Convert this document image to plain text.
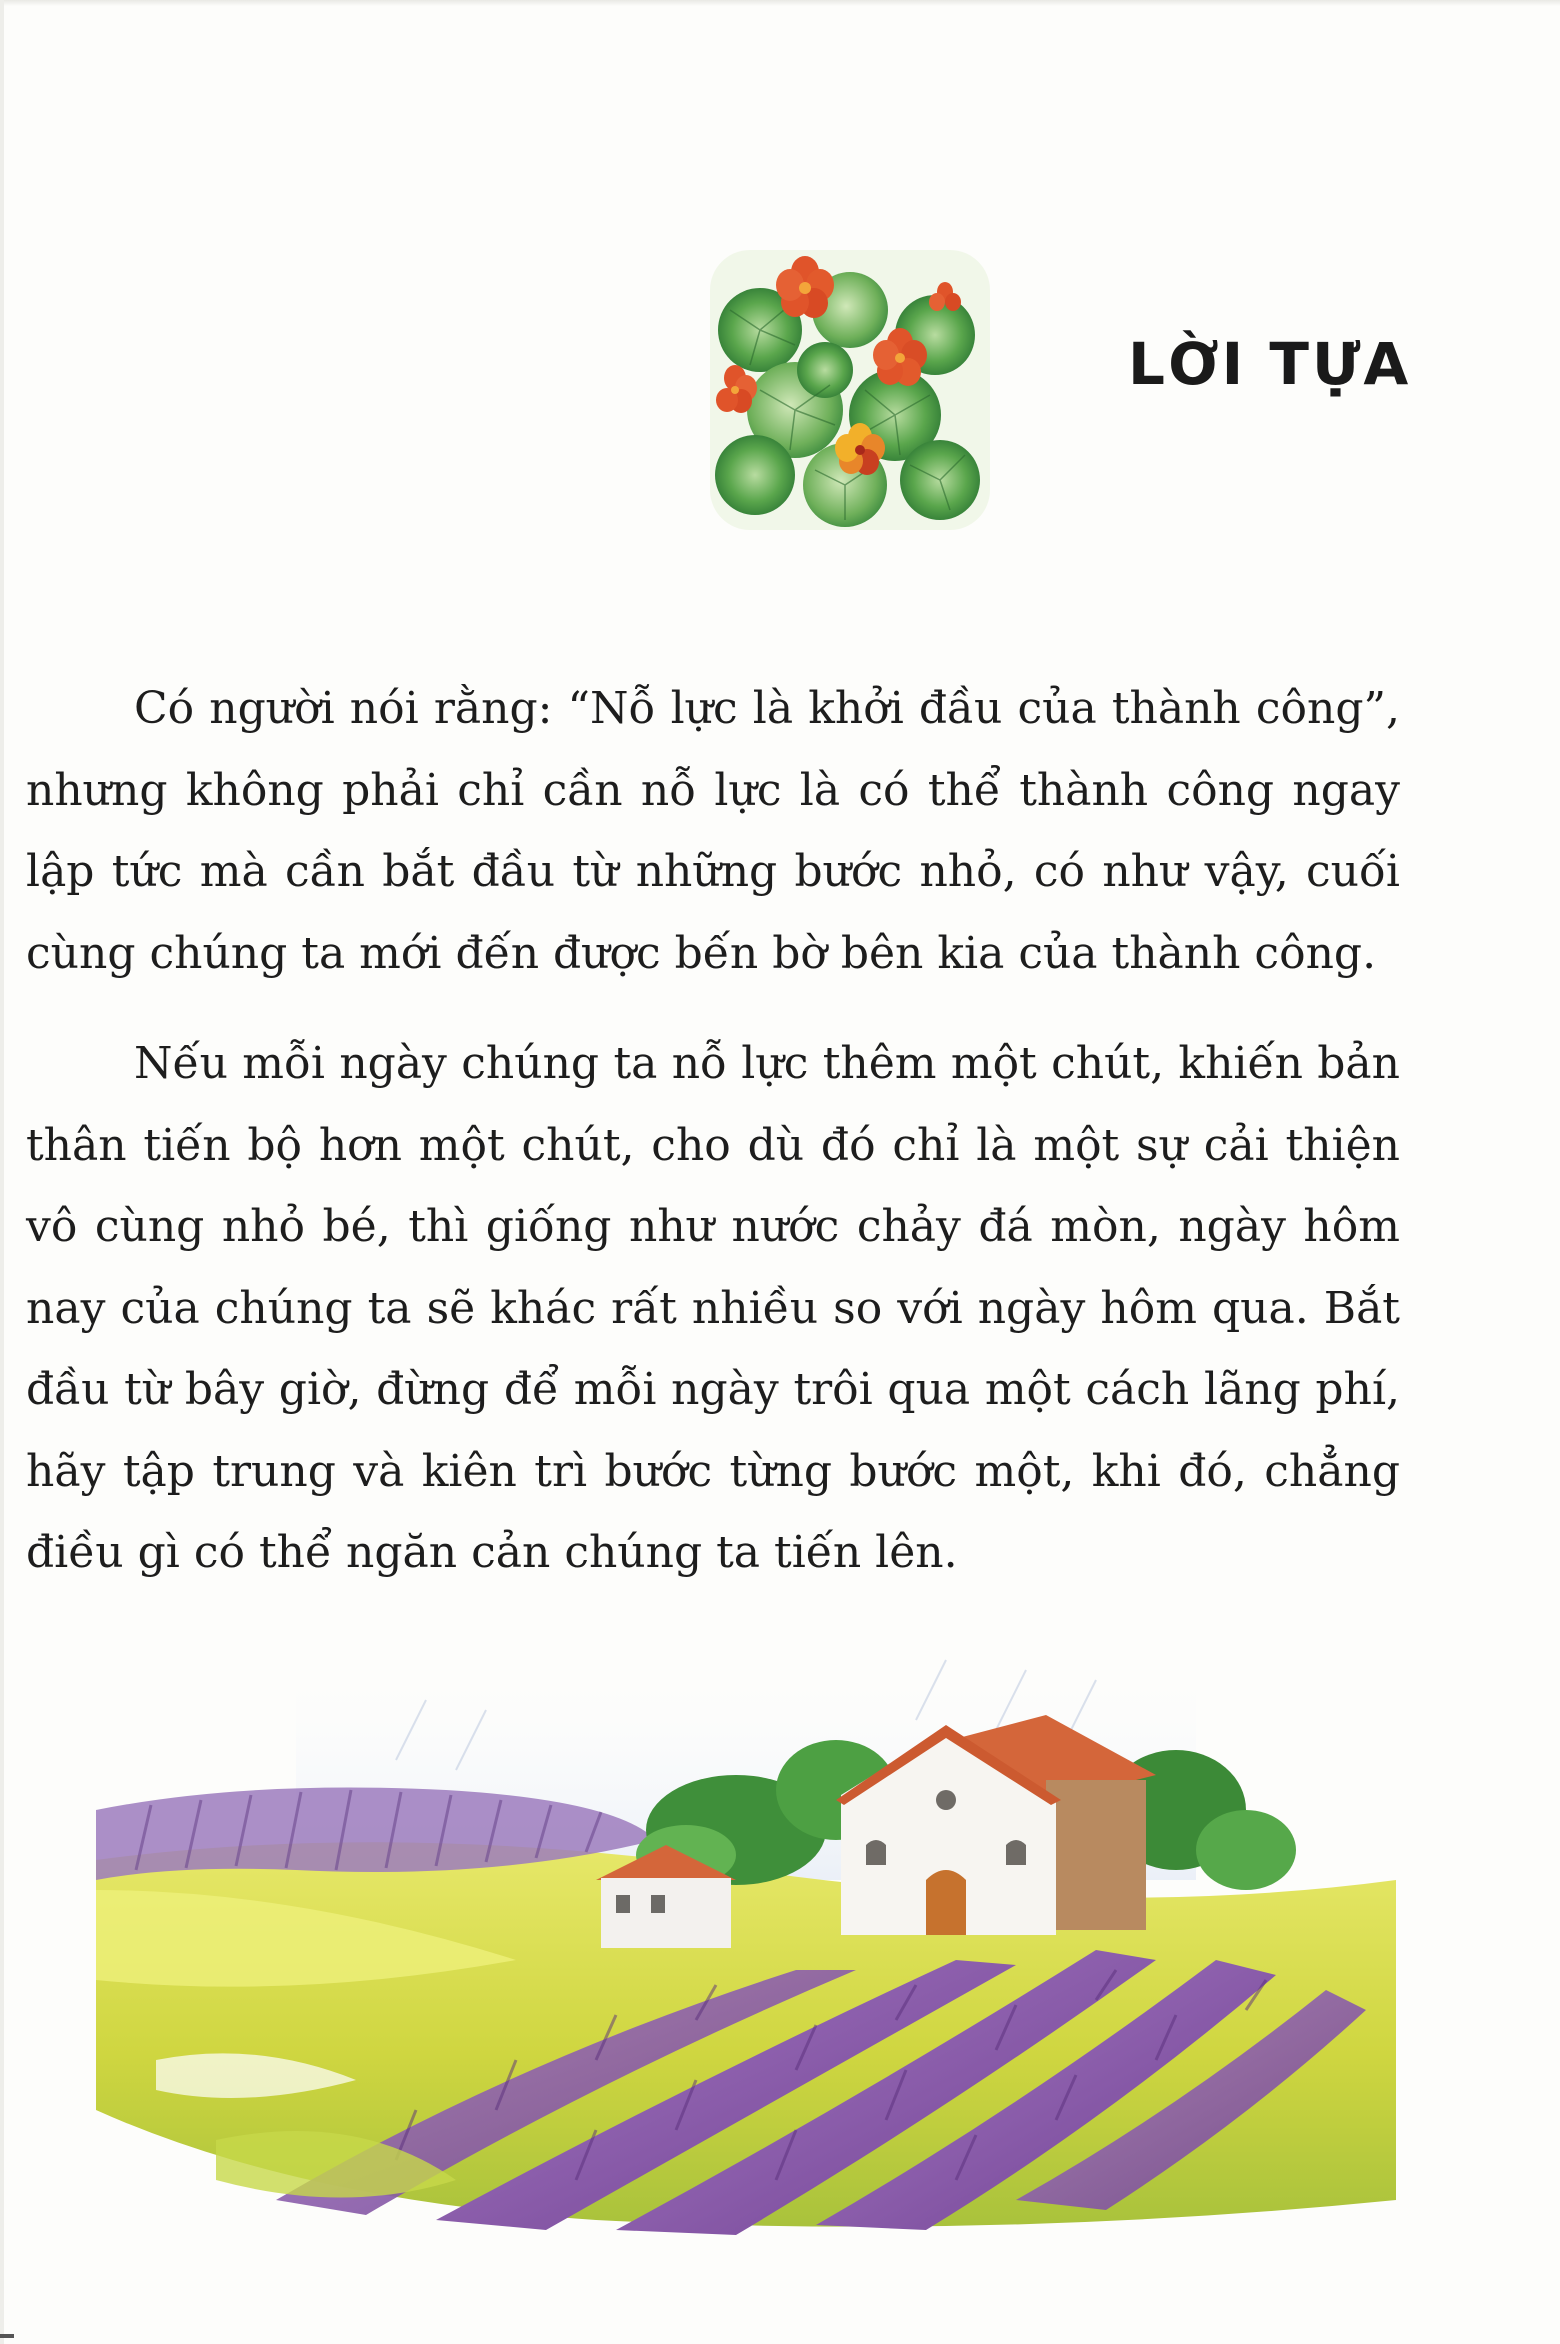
LỜI TỰA

Có người nói rằng: “Nỗ lực là khởi đầu của thành công”, nhưng không phải chỉ cần nỗ lực là có thể thành công ngay lập tức mà cần bắt đầu từ những bước nhỏ, có như vậy, cuối cùng chúng ta mới đến được bến bờ bên kia của thành công.

Nếu mỗi ngày chúng ta nỗ lực thêm một chút, khiến bản thân tiến bộ hơn một chút, cho dù đó chỉ là một sự cải thiện vô cùng nhỏ bé, thì giống như nước chảy đá mòn, ngày hôm nay của chúng ta sẽ khác rất nhiều so với ngày hôm qua. Bắt đầu từ bây giờ, đừng để mỗi ngày trôi qua một cách lãng phí, hãy tập trung và kiên trì bước từng bước một, khi đó, chẳng điều gì có thể ngăn cản chúng ta tiến lên.
